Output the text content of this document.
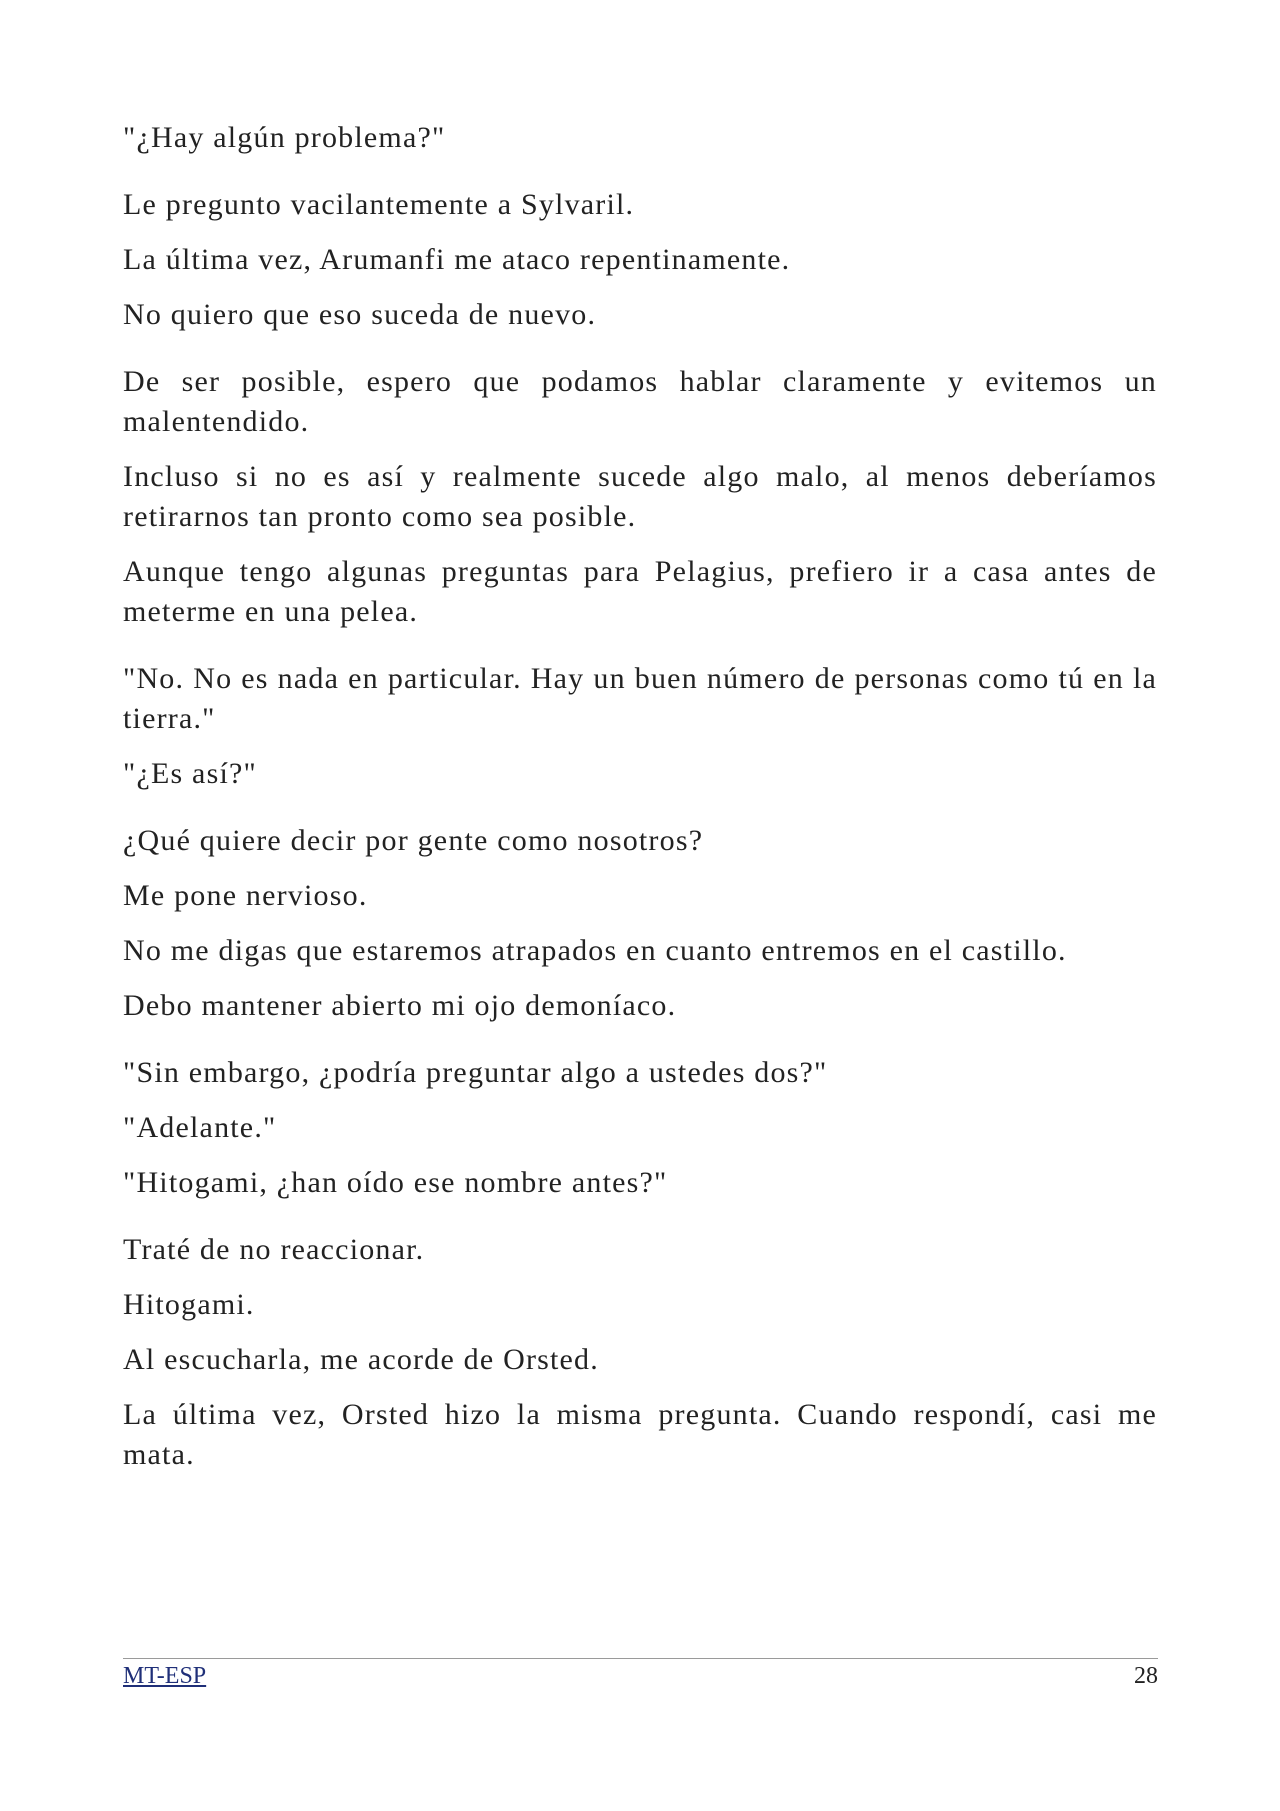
"¿Hay algún problema?"

Le pregunto vacilantemente a Sylvaril.

La última vez, Arumanfi me ataco repentinamente.

No quiero que eso suceda de nuevo.

De ser posible, espero que podamos hablar claramente y evitemos un malentendido.

Incluso si no es así y realmente sucede algo malo, al menos deberíamos retirarnos tan pronto como sea posible.

Aunque tengo algunas preguntas para Pelagius, prefiero ir a casa antes de meterme en una pelea.

"No. No es nada en particular. Hay un buen número de personas como tú en la tierra."

"¿Es así?"

¿Qué quiere decir por gente como nosotros?

Me pone nervioso.

No me digas que estaremos atrapados en cuanto entremos en el castillo.

Debo mantener abierto mi ojo demoníaco.

"Sin embargo, ¿podría preguntar algo a ustedes dos?"

"Adelante."

"Hitogami, ¿han oído ese nombre antes?"

Traté de no reaccionar.

Hitogami.

Al escucharla, me acorde de Orsted.

La última vez, Orsted hizo la misma pregunta. Cuando respondí, casi me mata.

MT-ESP	28
